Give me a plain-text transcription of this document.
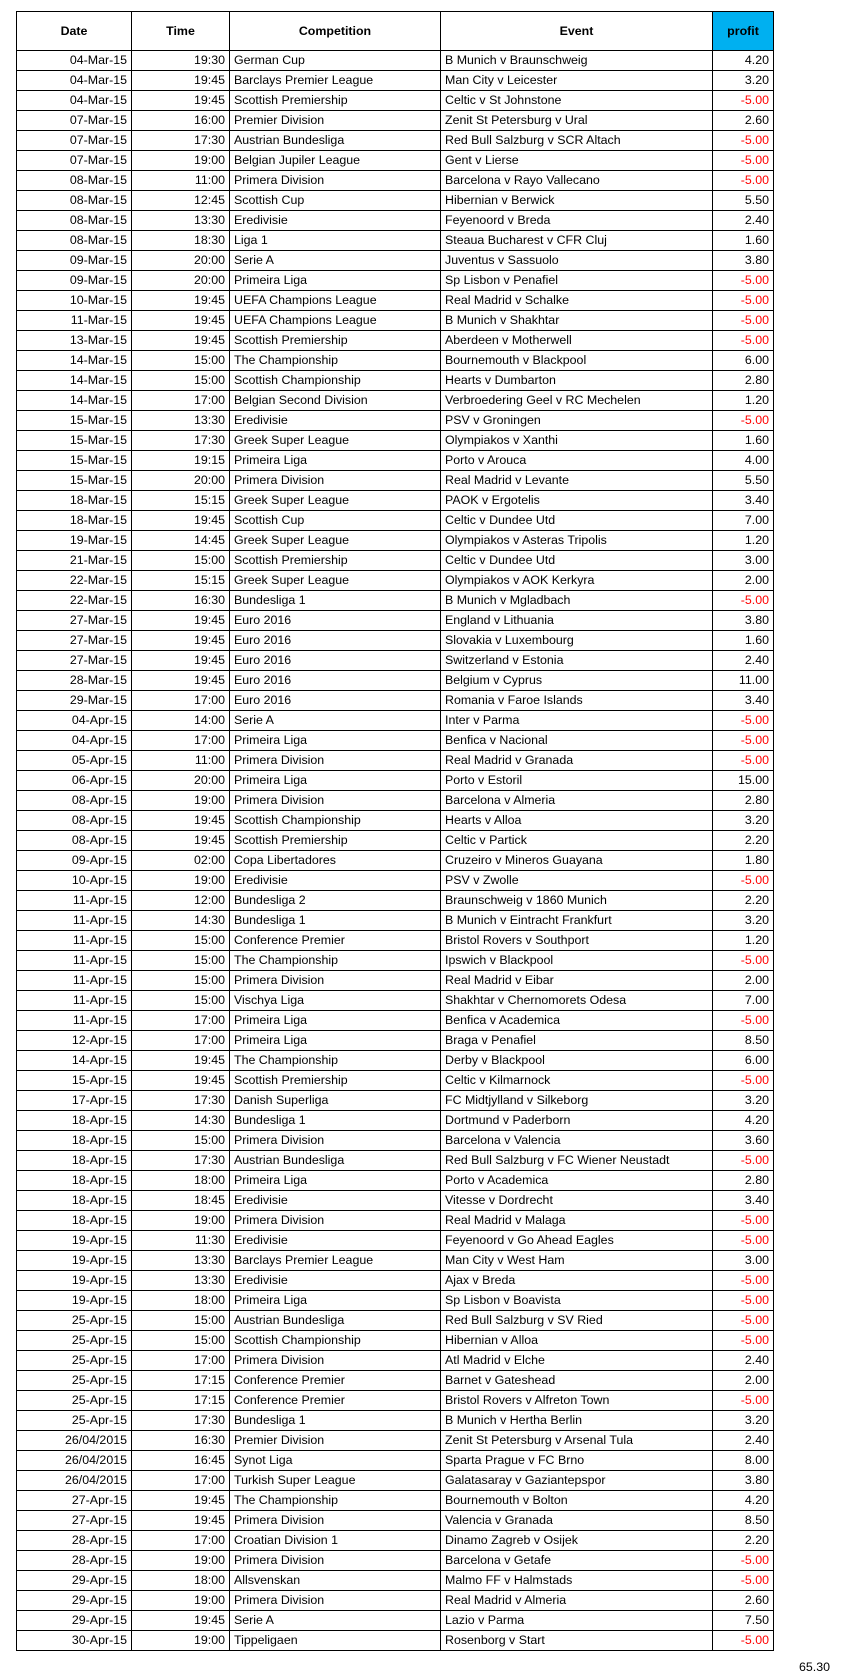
Date	Time	Competition	Event	profit
04-Mar-15	19:30	German Cup	B Munich v Braunschweig	4.20
04-Mar-15	19:45	Barclays Premier League	Man City v Leicester	3.20
04-Mar-15	19:45	Scottish Premiership	Celtic v St Johnstone	-5.00
07-Mar-15	16:00	Premier Division	Zenit St Petersburg v Ural	2.60
07-Mar-15	17:30	Austrian Bundesliga	Red Bull Salzburg v SCR Altach	-5.00
07-Mar-15	19:00	Belgian Jupiler League	Gent v Lierse	-5.00
08-Mar-15	11:00	Primera Division	Barcelona v Rayo Vallecano	-5.00
08-Mar-15	12:45	Scottish Cup	Hibernian v Berwick	5.50
08-Mar-15	13:30	Eredivisie	Feyenoord v Breda	2.40
08-Mar-15	18:30	Liga 1	Steaua Bucharest v CFR Cluj	1.60
09-Mar-15	20:00	Serie A	Juventus v Sassuolo	3.80
09-Mar-15	20:00	Primeira Liga	Sp Lisbon v Penafiel	-5.00
10-Mar-15	19:45	UEFA Champions League	Real Madrid v Schalke	-5.00
11-Mar-15	19:45	UEFA Champions League	B Munich v Shakhtar	-5.00
13-Mar-15	19:45	Scottish Premiership	Aberdeen v Motherwell	-5.00
14-Mar-15	15:00	The Championship	Bournemouth v Blackpool	6.00
14-Mar-15	15:00	Scottish Championship	Hearts v Dumbarton	2.80
14-Mar-15	17:00	Belgian Second Division	Verbroedering Geel v RC Mechelen	1.20
15-Mar-15	13:30	Eredivisie	PSV v Groningen	-5.00
15-Mar-15	17:30	Greek Super League	Olympiakos v Xanthi	1.60
15-Mar-15	19:15	Primeira Liga	Porto v Arouca	4.00
15-Mar-15	20:00	Primera Division	Real Madrid v Levante	5.50
18-Mar-15	15:15	Greek Super League	PAOK v Ergotelis	3.40
18-Mar-15	19:45	Scottish Cup	Celtic v Dundee Utd	7.00
19-Mar-15	14:45	Greek Super League	Olympiakos v Asteras Tripolis	1.20
21-Mar-15	15:00	Scottish Premiership	Celtic v Dundee Utd	3.00
22-Mar-15	15:15	Greek Super League	Olympiakos v AOK Kerkyra	2.00
22-Mar-15	16:30	Bundesliga 1	B Munich v Mgladbach	-5.00
27-Mar-15	19:45	Euro 2016	England v Lithuania	3.80
27-Mar-15	19:45	Euro 2016	Slovakia v Luxembourg	1.60
27-Mar-15	19:45	Euro 2016	Switzerland v Estonia	2.40
28-Mar-15	19:45	Euro 2016	Belgium v Cyprus	11.00
29-Mar-15	17:00	Euro 2016	Romania v Faroe Islands	3.40
04-Apr-15	14:00	Serie A	Inter v Parma	-5.00
04-Apr-15	17:00	Primeira Liga	Benfica v Nacional	-5.00
05-Apr-15	11:00	Primera Division	Real Madrid v Granada	-5.00
06-Apr-15	20:00	Primeira Liga	Porto v Estoril	15.00
08-Apr-15	19:00	Primera Division	Barcelona v Almeria	2.80
08-Apr-15	19:45	Scottish Championship	Hearts v Alloa	3.20
08-Apr-15	19:45	Scottish Premiership	Celtic v Partick	2.20
09-Apr-15	02:00	Copa Libertadores	Cruzeiro v Mineros Guayana	1.80
10-Apr-15	19:00	Eredivisie	PSV v Zwolle	-5.00
11-Apr-15	12:00	Bundesliga 2	Braunschweig v 1860 Munich	2.20
11-Apr-15	14:30	Bundesliga 1	B Munich v Eintracht Frankfurt	3.20
11-Apr-15	15:00	Conference Premier	Bristol Rovers v Southport	1.20
11-Apr-15	15:00	The Championship	Ipswich v Blackpool	-5.00
11-Apr-15	15:00	Primera Division	Real Madrid v Eibar	2.00
11-Apr-15	15:00	Vischya Liga	Shakhtar v Chernomorets Odesa	7.00
11-Apr-15	17:00	Primeira Liga	Benfica v Academica	-5.00
12-Apr-15	17:00	Primeira Liga	Braga v Penafiel	8.50
14-Apr-15	19:45	The Championship	Derby v Blackpool	6.00
15-Apr-15	19:45	Scottish Premiership	Celtic v Kilmarnock	-5.00
17-Apr-15	17:30	Danish Superliga	FC Midtjylland v Silkeborg	3.20
18-Apr-15	14:30	Bundesliga 1	Dortmund v Paderborn	4.20
18-Apr-15	15:00	Primera Division	Barcelona v Valencia	3.60
18-Apr-15	17:30	Austrian Bundesliga	Red Bull Salzburg v FC Wiener Neustadt	-5.00
18-Apr-15	18:00	Primeira Liga	Porto v Academica	2.80
18-Apr-15	18:45	Eredivisie	Vitesse v Dordrecht	3.40
18-Apr-15	19:00	Primera Division	Real Madrid v Malaga	-5.00
19-Apr-15	11:30	Eredivisie	Feyenoord v Go Ahead Eagles	-5.00
19-Apr-15	13:30	Barclays Premier League	Man City v West Ham	3.00
19-Apr-15	13:30	Eredivisie	Ajax v Breda	-5.00
19-Apr-15	18:00	Primeira Liga	Sp Lisbon v Boavista	-5.00
25-Apr-15	15:00	Austrian Bundesliga	Red Bull Salzburg v SV Ried	-5.00
25-Apr-15	15:00	Scottish Championship	Hibernian v Alloa	-5.00
25-Apr-15	17:00	Primera Division	Atl Madrid v Elche	2.40
25-Apr-15	17:15	Conference Premier	Barnet v Gateshead	2.00
25-Apr-15	17:15	Conference Premier	Bristol Rovers v Alfreton Town	-5.00
25-Apr-15	17:30	Bundesliga 1	B Munich v Hertha Berlin	3.20
26/04/2015	16:30	Premier Division	Zenit St Petersburg v Arsenal Tula	2.40
26/04/2015	16:45	Synot Liga	Sparta Prague v FC Brno	8.00
26/04/2015	17:00	Turkish Super League	Galatasaray v Gaziantepspor	3.80
27-Apr-15	19:45	The Championship	Bournemouth v Bolton	4.20
27-Apr-15	19:45	Primera Division	Valencia v Granada	8.50
28-Apr-15	17:00	Croatian Division 1	Dinamo Zagreb v Osijek	2.20
28-Apr-15	19:00	Primera Division	Barcelona v Getafe	-5.00
29-Apr-15	18:00	Allsvenskan	Malmo FF v Halmstads	-5.00
29-Apr-15	19:00	Primera Division	Real Madrid v Almeria	2.60
29-Apr-15	19:45	Serie A	Lazio v Parma	7.50
30-Apr-15	19:00	Tippeligaen	Rosenborg v Start	-5.00
65.30
